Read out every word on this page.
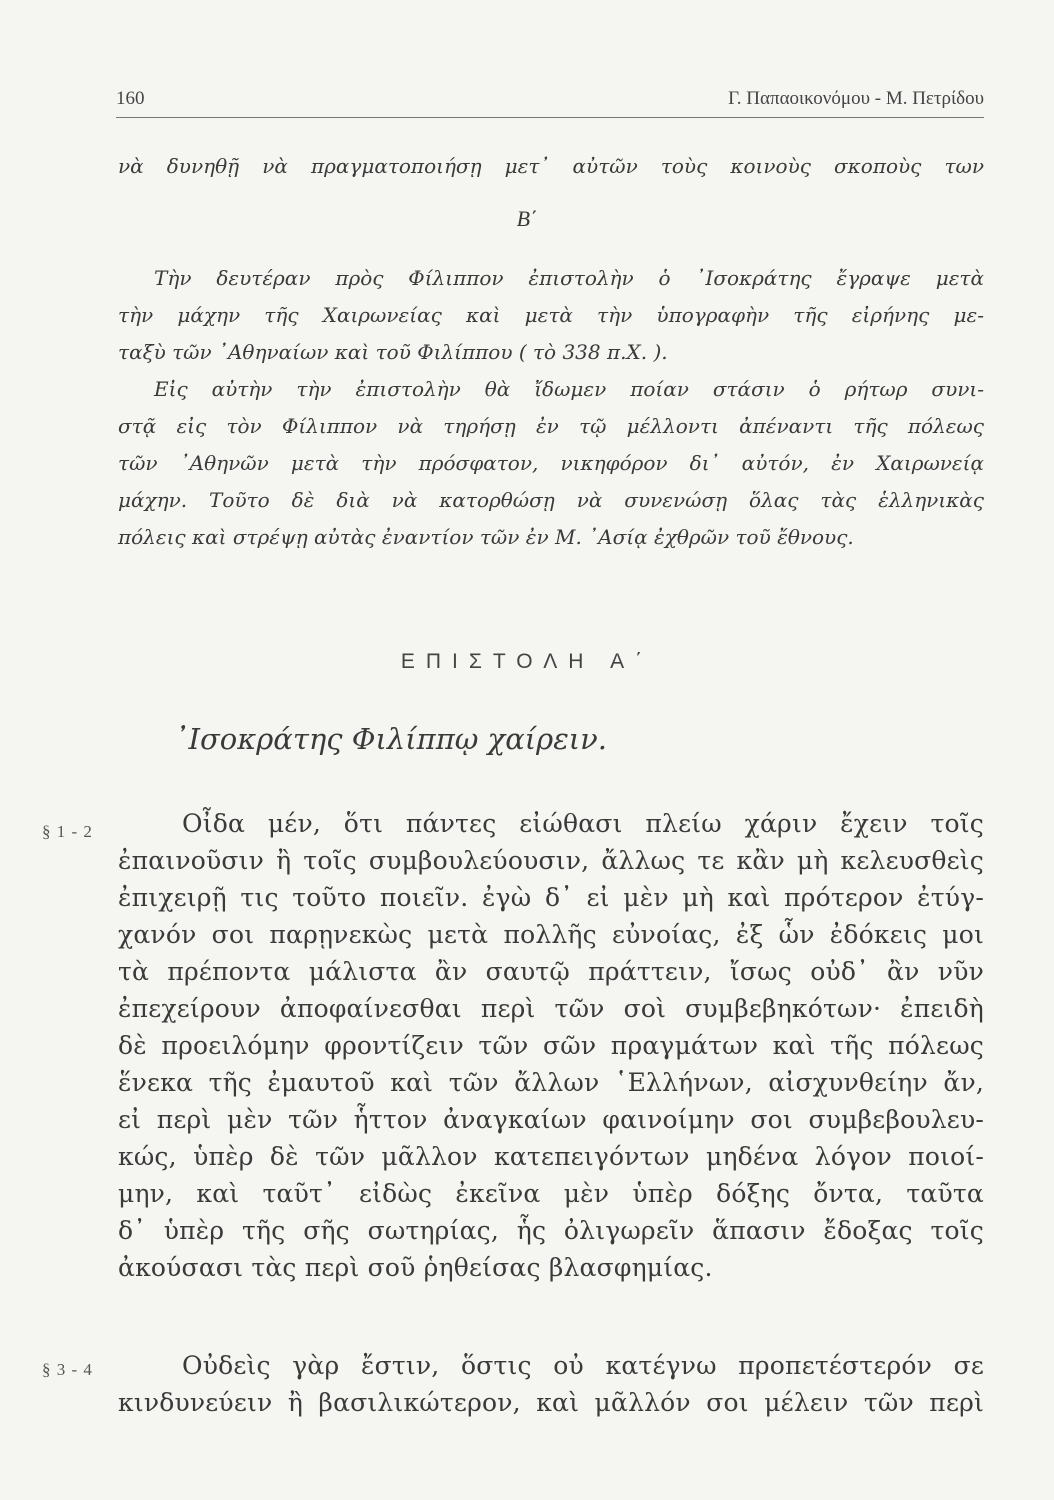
160	Γ. Παπαοικονόμου - Μ. Πετρίδου
νὰ δυνηθῇ νὰ πραγματοποιήσῃ μετ᾿ αὐτῶν τοὺς κοινοὺς σκοποὺς των
Β΄
Τὴν δευτέραν πρὸς Φίλιππον ἐπιστολὴν ὁ ᾿Ισοκράτης ἔγραψε μετὰ
τὴν μάχην τῆς Χαιρωνείας καὶ μετὰ τὴν ὑπογραφὴν τῆς εἰρήνης με-
ταξὺ τῶν ᾿Αθηναίων καὶ τοῦ Φιλίππου ( τὸ 338 π.Χ. ).
Εἰς αὐτὴν τὴν ἐπιστολὴν θὰ ἴδωμεν ποίαν στάσιν ὁ ρήτωρ συνι-
στᾷ εἰς τὸν Φίλιππον νὰ τηρήσῃ ἐν τῷ μέλλοντι ἀπέναντι τῆς πόλεως
τῶν ᾿Αθηνῶν μετὰ τὴν πρόσφατον, νικηφόρον δι᾿ αὐτόν, ἐν Χαιρωνείᾳ
μάχην. Τοῦτο δὲ διὰ νὰ κατορθώσῃ νὰ συνενώσῃ ὅλας τὰς ἑλληνικὰς
πόλεις καὶ στρέψῃ αὐτὰς ἐναντίον τῶν ἐν Μ. ᾿Ασίᾳ ἐχθρῶν τοῦ ἔθνους.
ΕΠΙΣΤΟΛΗ Α΄
᾿Ισοκράτης Φιλίππῳ χαίρειν.
§ 1 - 2	Οἶδα μέν, ὅτι πάντες εἰώθασι πλείω χάριν ἔχειν τοῖς
ἐπαινοῦσιν ἢ τοῖς συμβουλεύουσιν, ἄλλως τε κἂν μὴ κελευσθεὶς
ἐπιχειρῇ τις τοῦτο ποιεῖν. ἐγὼ δ᾿ εἰ μὲν μὴ καὶ πρότερον ἐτύγ-
χανόν σοι παρῃνεκὼς μετὰ πολλῆς εὐνοίας, ἐξ ὧν ἐδόκεις μοι
τὰ πρέποντα μάλιστα ἂν σαυτῷ πράττειν, ἴσως οὐδ᾿ ἂν νῦν
ἐπεχείρουν ἀποφαίνεσθαι περὶ τῶν σοὶ συμβεβηκότων· ἐπειδὴ
δὲ προειλόμην φροντίζειν τῶν σῶν πραγμάτων καὶ τῆς πόλεως
ἕνεκα τῆς ἐμαυτοῦ καὶ τῶν ἄλλων ῾Ελλήνων, αἰσχυνθείην ἄν,
εἰ περὶ μὲν τῶν ἧττον ἀναγκαίων φαινοίμην σοι συμβεβουλευ-
κώς, ὑπὲρ δὲ τῶν μᾶλλον κατεπειγόντων μηδένα λόγον ποιοί-
μην, καὶ ταῦτ᾿ εἰδὼς ἐκεῖνα μὲν ὑπὲρ δόξης ὄντα, ταῦτα
δ᾿ ὑπὲρ τῆς σῆς σωτηρίας, ἧς ὀλιγωρεῖν ἅπασιν ἔδοξας τοῖς
ἀκούσασι τὰς περὶ σοῦ ῥηθείσας βλασφημίας.
§ 3 - 4	Οὐδεὶς γὰρ ἔστιν, ὅστις οὐ κατέγνω προπετέστερόν σε
κινδυνεύειν ἢ βασιλικώτερον, καὶ μᾶλλόν σοι μέλειν τῶν περὶ
